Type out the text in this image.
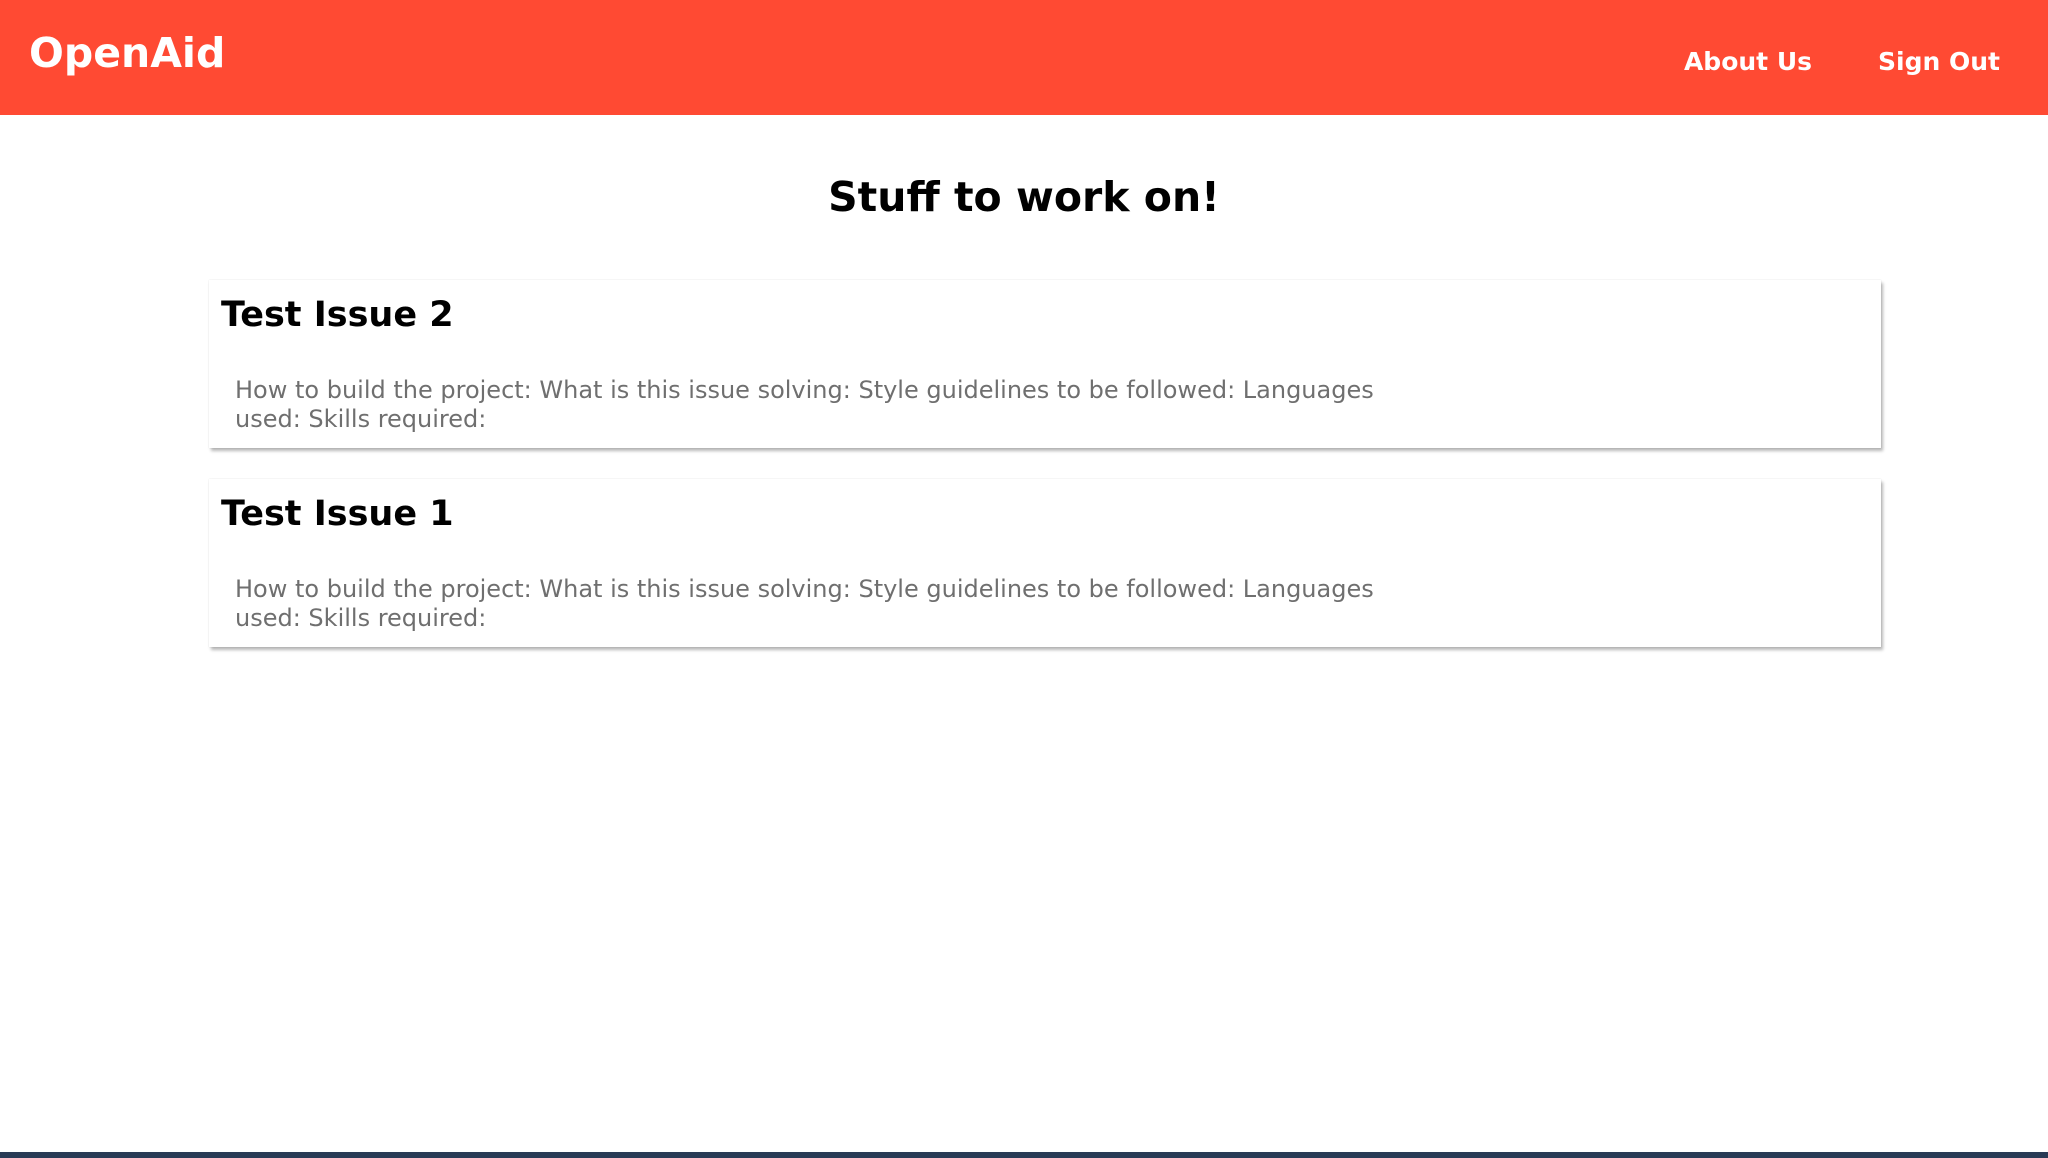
OpenAid	About Us	Sign Out
Stuff to work on!
Test Issue 2

How to build the project: What is this issue solving: Style guidelines to be followed: Languages used: Skills required:

Test Issue 1

How to build the project: What is this issue solving: Style guidelines to be followed: Languages used: Skills required:
